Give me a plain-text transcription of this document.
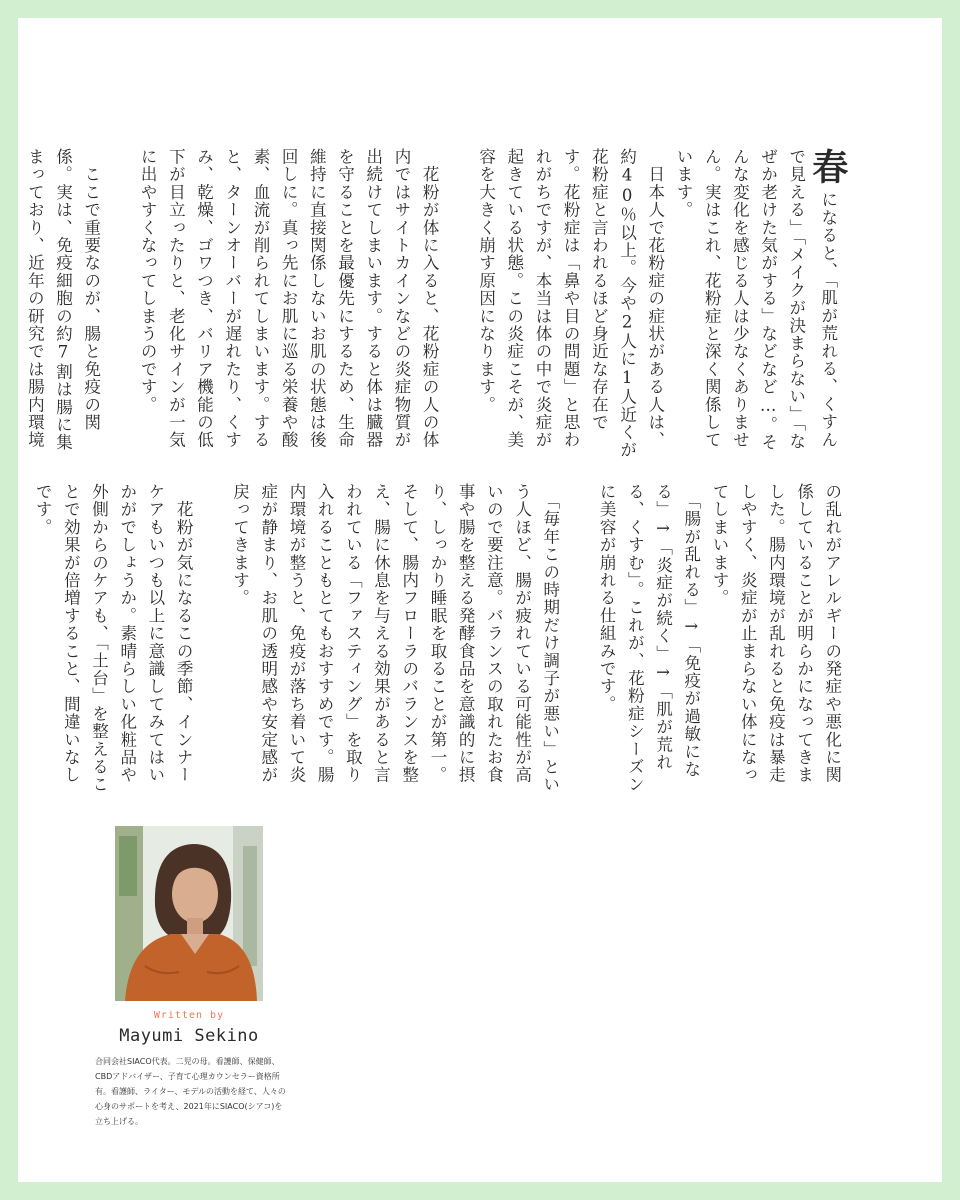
春になると、「肌が荒れる、くすんで見える」「メイクが決まらない」「なぜか老けた気がする」などなど…。そんな変化を感じる人は少なくありません。実はこれ、花粉症と深く関係しています。

　日本人で花粉症の症状がある人は、約40％以上。今や2人に1人近くが花粉症と言われるほど身近な存在です。花粉症は「鼻や目の問題」と思われがちですが、本当は体の中で炎症が起きている状態。この炎症こそが、美容を大きく崩す原因になります。

　花粉が体に入ると、花粉症の人の体内ではサイトカインなどの炎症物質が出続けてしまいます。すると体は臓器を守ることを最優先にするため、生命維持に直接関係しないお肌の状態は後回しに。真っ先にお肌に巡る栄養や酸素、血流が削られてしまいます。すると、ターンオーバーが遅れたり、くすみ、乾燥、ゴワつき、バリア機能の低下が目立ったりと、老化サインが一気に出やすくなってしまうのです。

　ここで重要なのが、腸と免疫の関係。実は、免疫細胞の約7割は腸に集まっており、近年の研究では腸内環境

の乱れがアレルギーの発症や悪化に関係していることが明らかになってきました。腸内環境が乱れると免疫は暴走しやすく、炎症が止まらない体になってしまいます。

　「腸が乱れる」→「免疫が過敏になる」→「炎症が続く」→「肌が荒れる、くすむ」。これが、花粉症シーズンに美容が崩れる仕組みです。

　「毎年この時期だけ調子が悪い」という人ほど、腸が疲れている可能性が高いので要注意。バランスの取れたお食事や腸を整える発酵食品を意識的に摂り、しっかり睡眠を取ることが第一。そして、腸内フローラのバランスを整え、腸に休息を与える効果があると言われている「ファスティング」を取り入れることもとてもおすすめです。腸内環境が整うと、免疫が落ち着いて炎症が静まり、お肌の透明感や安定感が戻ってきます。

　花粉が気になるこの季節、インナーケアもいつも以上に意識してみてはいかがでしょうか。素晴らしい化粧品や外側からのケアも、「土台」を整えることで効果が倍増すること、間違いなしです。

Written by
Mayumi Sekino
合同会社SIACO代表。二児の母。看護師、保健師、CBDアドバイザー、子育て心理カウンセラー資格所有。看護師、ライター、モデルの活動を経て、人々の心身のサポートを考え、2021年にSIACO(シアコ)を立ち上げる。
